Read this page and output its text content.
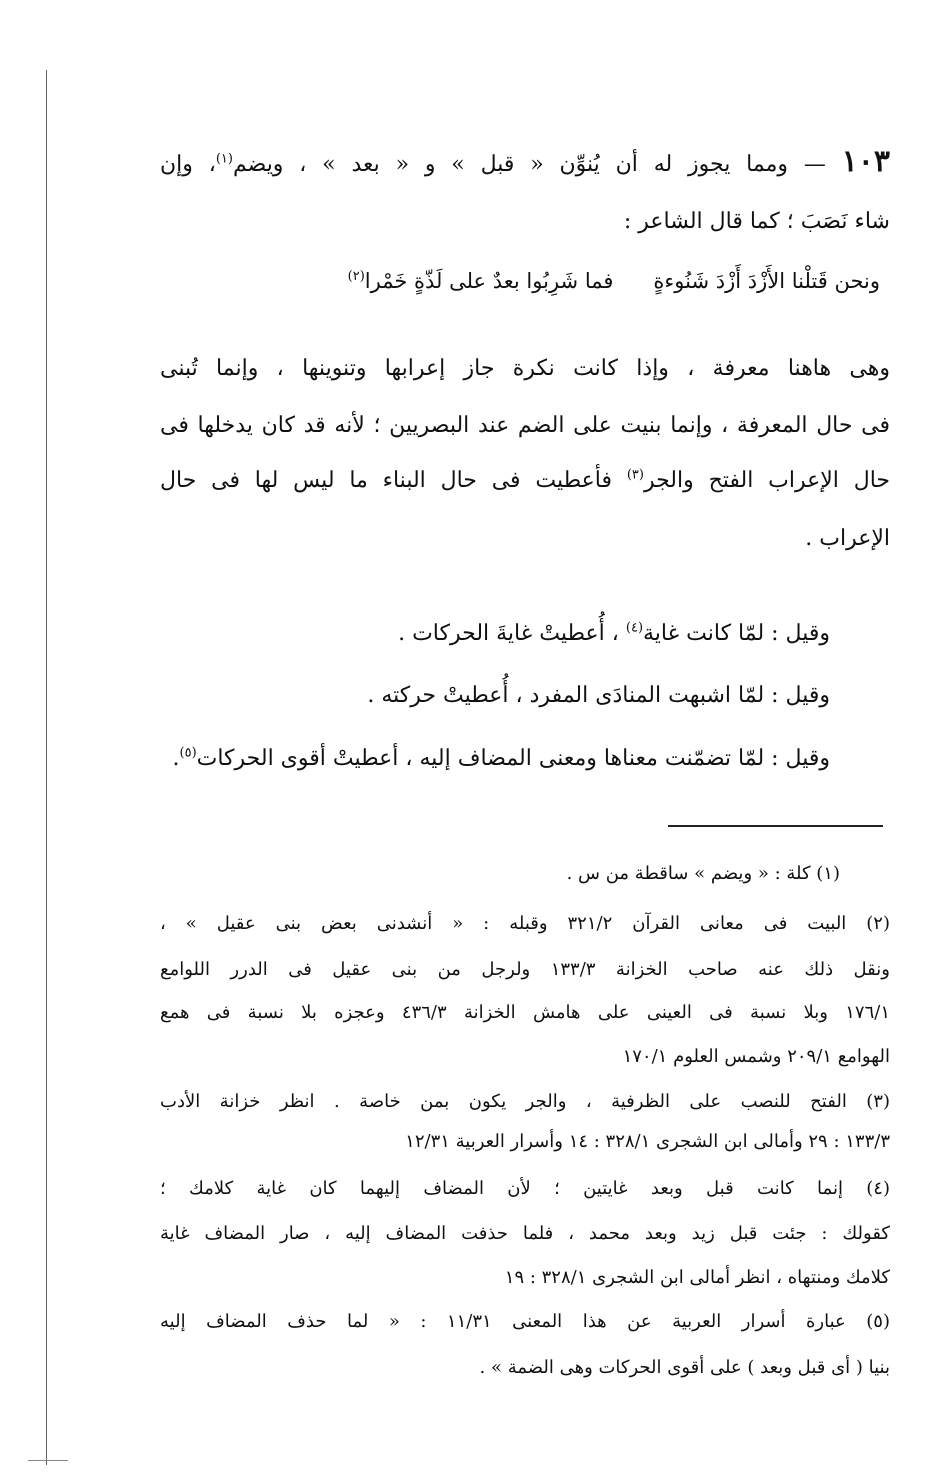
١٠٣ — ومما يجوز له أن يُنوِّن « قبل » و « بعد » ، ويضم$^{(١)}$، وإن
شاء نَصَبَ ؛ كما قال الشاعر :
ونحن قَتلْنا الأَزْدَ أَزْدَ شَنُوءةٍفما شَرِبُوا بعدٌ على لَذّةٍ خَمْرا$^{(٢)}$
وهى هاهنا معرفة ، وإذا كانت نكرة جاز إعرابها وتنوينها ، وإنما تُبنى
فى حال المعرفة ، وإنما بنيت على الضم عند البصريين ؛ لأنه قد كان يدخلها فى
حال الإعراب الفتح والجر$^{(٣)}$ فأعطيت فى حال البناء ما ليس لها فى حال
الإعراب .
وقيل : لمّا كانت غاية$^{(٤)}$ ، أُعطيتْ غايةَ الحركات .
وقيل : لمّا اشبهت المنادَى المفرد ، أُعطيتْ حركته .
وقيل : لمّا تضمّنت معناها ومعنى المضاف إليه ، أعطيتْ أقوى الحركات$^{(٥)}$.
(١) كلة : « ويضم » ساقطة من س .
(٢) البيت فى معانى القرآن ٣٢١/٢ وقبله : « أنشدنى بعض بنى عقيل » ،
ونقل ذلك عنه صاحب الخزانة ١٣٣/٣ ولرجل من بنى عقيل فى الدرر اللوامع
١٧٦/١ وبلا نسبة فى العينى على هامش الخزانة ٤٣٦/٣ وعجزه بلا نسبة فى همع
الهوامع ٢٠٩/١ وشمس العلوم ١٧٠/١
(٣) الفتح للنصب على الظرفية ، والجر يكون بمن خاصة . انظر خزانة الأدب
١٣٣/٣ : ٢٩ وأمالى ابن الشجرى ٣٢٨/١ : ١٤ وأسرار العربية ١٢/٣١
(٤) إنما كانت قبل وبعد غايتين ؛ لأن المضاف إليهما كان غاية كلامك ؛
كقولك : جئت قبل زيد وبعد محمد ، فلما حذفت المضاف إليه ، صار المضاف غاية
كلامك ومنتهاه ، انظر أمالى ابن الشجرى ٣٢٨/١ : ١٩
(٥) عبارة أسرار العربية عن هذا المعنى ١١/٣١ : « لما حذف المضاف إليه
بنيا ( أى قبل وبعد ) على أقوى الحركات وهى الضمة » .
